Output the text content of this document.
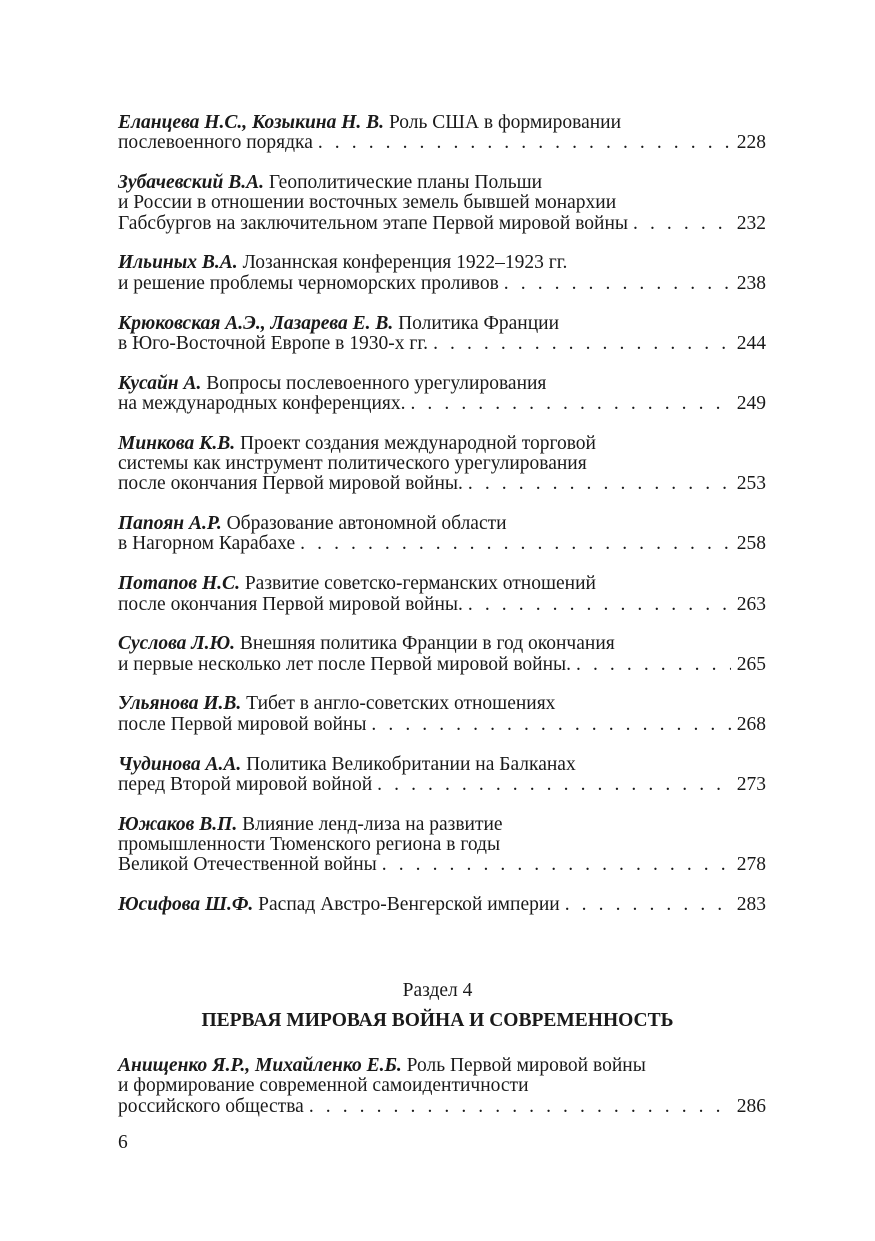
Еланцева Н.С., Козыкина Н. В. Роль США в формировании
послевоенного порядка . . .	228
Зубачевский В.А. Геополитические планы Польши
и России в отношении восточных земель бывшей монархии
Габсбургов на заключительном этапе Первой мировой войны . . .	232
Ильиных В.А. Лозаннская конференция 1922–1923 гг.
и решение проблемы черноморских проливов . . .	238
Крюковская А.Э., Лазарева Е. В. Политика Франции
в Юго-Восточной Европе в 1930-х гг. . . .	244
Кусайн А. Вопросы послевоенного урегулирования
на международных конференциях. . . .	249
Минкова К.В. Проект создания международной торговой
системы как инструмент политического урегулирования
после окончания Первой мировой войны. . . .	253
Папоян А.Р. Образование автономной области
в Нагорном Карабахе . . .	258
Потапов Н.С. Развитие советско-германских отношений
после окончания Первой мировой войны. . . .	263
Суслова Л.Ю. Внешняя политика Франции в год окончания
и первые несколько лет после Первой мировой войны. . . .	265
Ульянова И.В. Тибет в англо-советских отношениях
после Первой мировой войны . . .	268
Чудинова А.А. Политика Великобритании на Балканах
перед Второй мировой войной . . .	273
Южаков В.П. Влияние ленд-лиза на развитие
промышленности Тюменского региона в годы
Великой Отечественной войны . . .	278
Юсифова Ш.Ф. Распад Австро-Венгерской империи . . .	283
Раздел 4
ПЕРВАЯ МИРОВАЯ ВОЙНА И СОВРЕМЕННОСТЬ
Анищенко Я.Р., Михайленко Е.Б. Роль Первой мировой войны
и формирование современной самоидентичности
российского общества . . .	286
6
